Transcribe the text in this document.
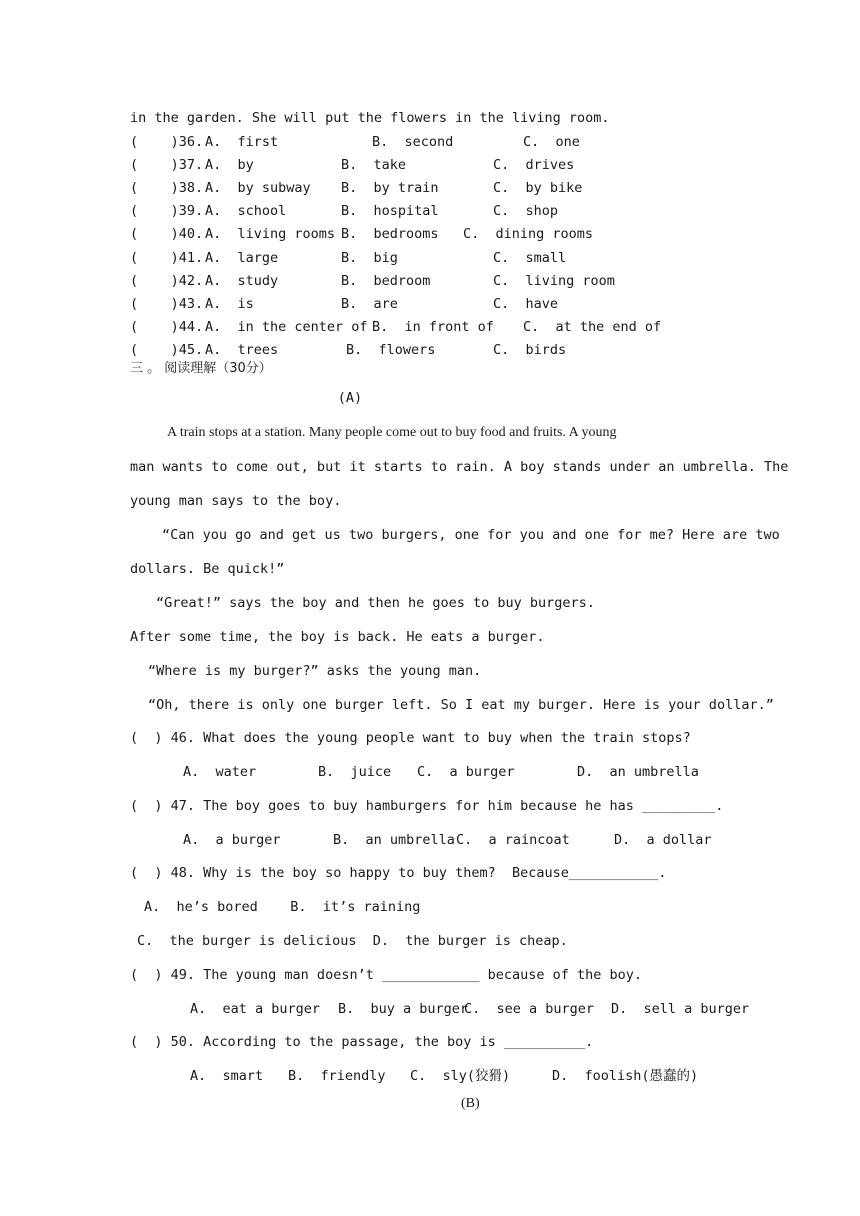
in the garden. She will put the flowers in the living room.
(    )36. A.  first	B.  second	C.  one
(    )37. A.  by	B.  take	C.  drives
(    )38. A.  by subway B.  by train	C.  by bike
(    )39. A.  school	B.  hospital	C.  shop
(    )40. A.  living rooms B.  bedrooms C.  dining rooms
(    )41. A.  large	B.  big	C.  small
(    )42. A.  study	B.  bedroom	C.  living room
(    )43. A.  is	B.  are	C.  have
(    )44. A.  in the center of B.  in front of C.  at the end of
(    )45. A.  trees	B.  flowers	C.  birds
三 。 阅读理解（30分）
(A)
A train stops at a station. Many people come out to buy food and fruits. A young
man wants to come out, but it starts to rain. A boy stands under an umbrella. The
young man says to the boy.
“Can you go and get us two burgers, one for you and one for me? Here are two
dollars. Be quick!”
“Great!” says the boy and then he goes to buy burgers.
After some time, the boy is back. He eats a burger.
“Where is my burger?” asks the young man.
“Oh, there is only one burger left. So I eat my burger. Here is your dollar.”
(  ) 46. What does the young people want to buy when the train stops?
A.  water	B.  juice C.  a burger	D.  an umbrella
(  ) 47. The boy goes to buy hamburgers for him because he has _________.
A.  a burger	B.  an umbrella C.  a raincoat	D.  a dollar
(  ) 48. Why is the boy so happy to buy them?  Because___________.
A.  he’s bored    B.  it’s raining
C.  the burger is delicious  D.  the burger is cheap.
(  ) 49. The young man doesn’t ____________ because of the boy.
A.  eat a burger B.  buy a burger
C.  see a burger D.  sell a burger
(  ) 50. According to the passage, the boy is __________.
A.  smart B.  friendly C.  sly(狡猾)	D.  foolish(愚蠢的)
(B)
